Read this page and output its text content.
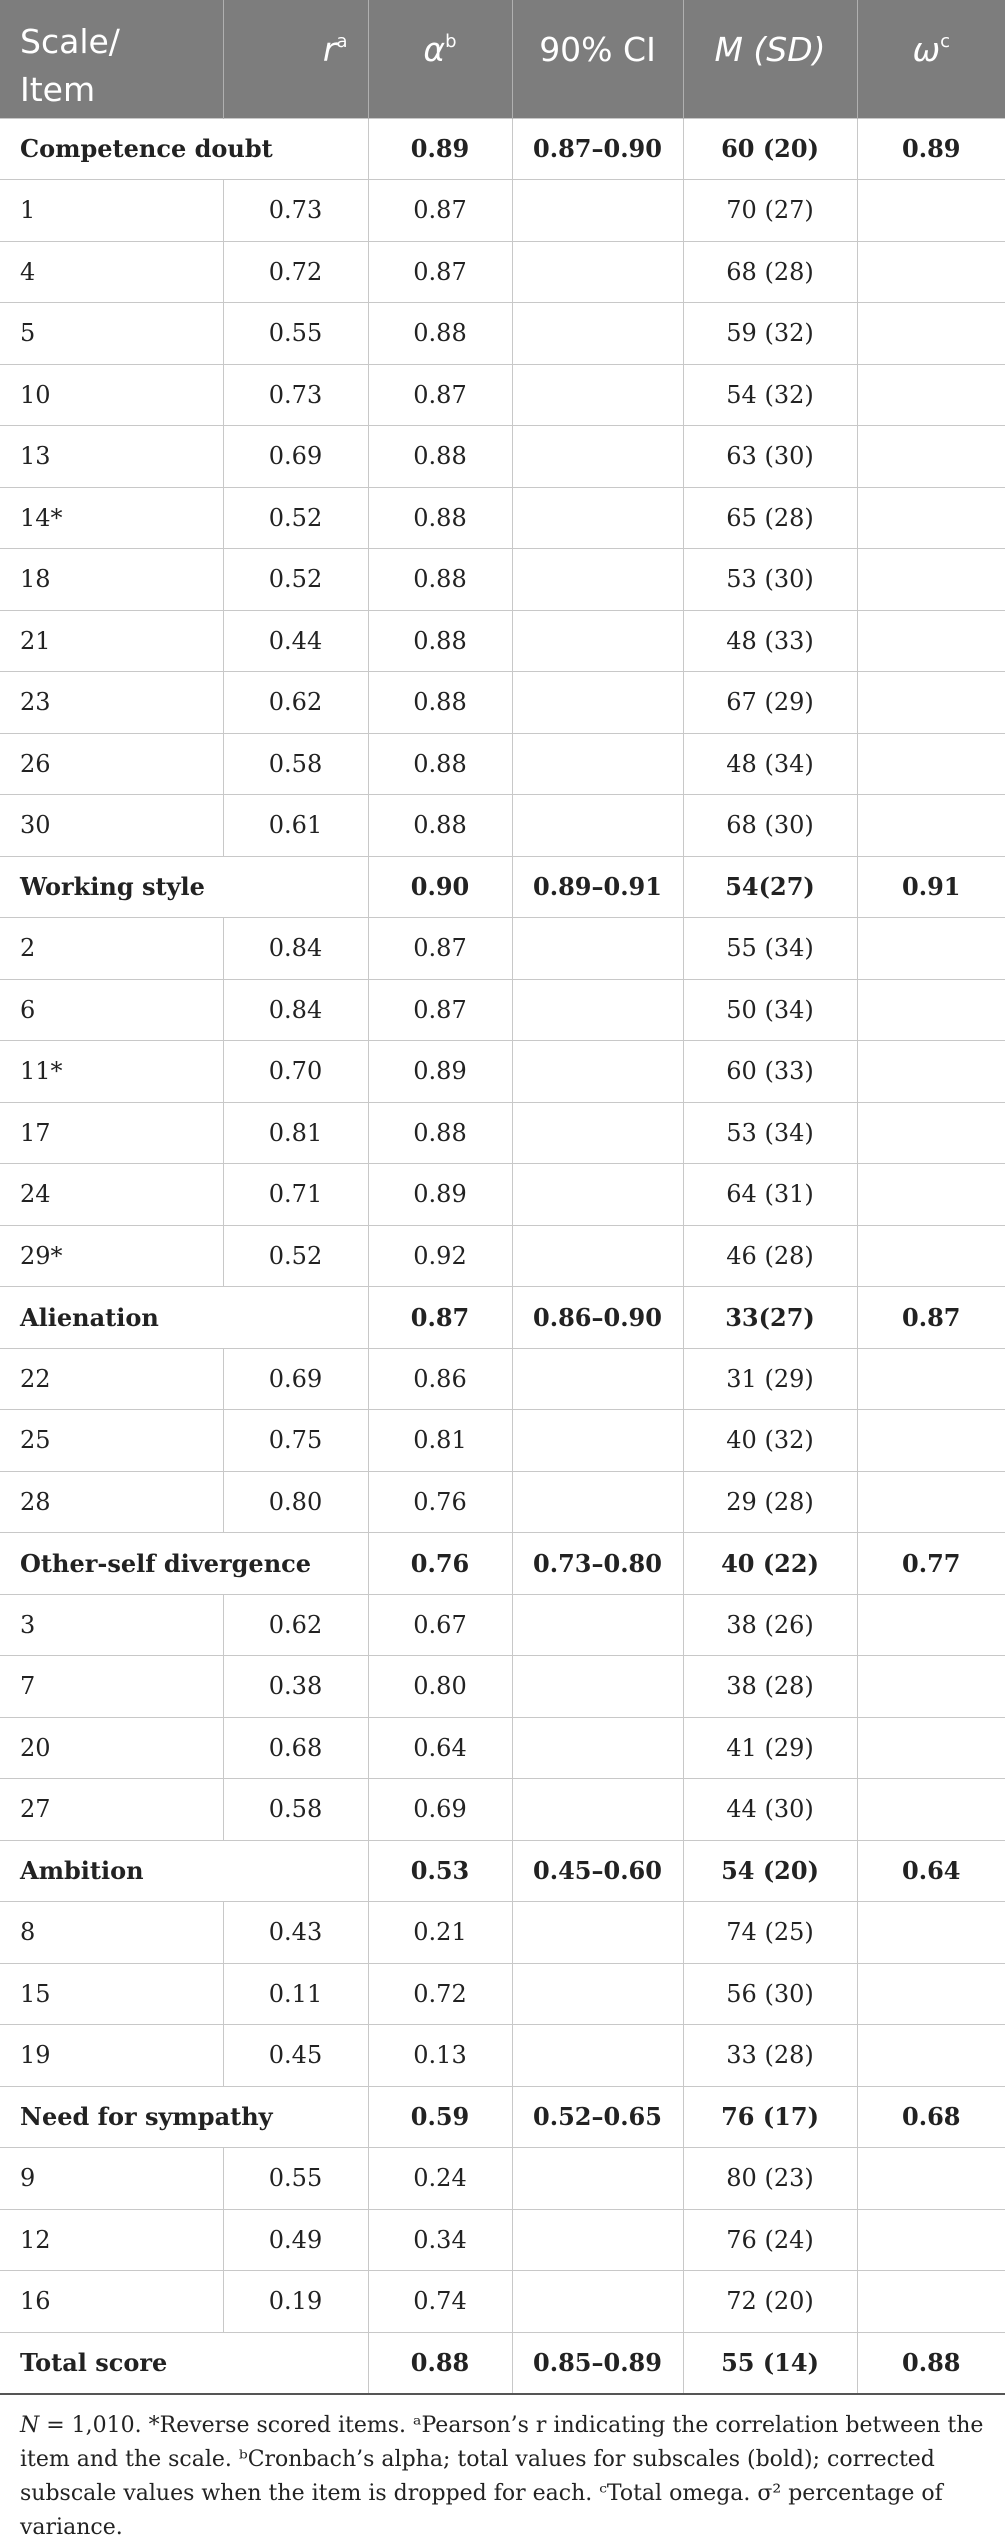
Scale/ Item	$r^a$	$\alpha^b$	90% CI	M (SD)	$\omega^c$
Competence doubt		0.89	0.87–0.90	60 (20)	0.89
1	0.73	0.87		70 (27)	
4	0.72	0.87		68 (28)	
5	0.55	0.88		59 (32)	
10	0.73	0.87		54 (32)	
13	0.69	0.88		63 (30)	
14*	0.52	0.88		65 (28)	
18	0.52	0.88		53 (30)	
21	0.44	0.88		48 (33)	
23	0.62	0.88		67 (29)	
26	0.58	0.88		48 (34)	
30	0.61	0.88		68 (30)	
Working style		0.90	0.89–0.91	54(27)	0.91
2	0.84	0.87		55 (34)	
6	0.84	0.87		50 (34)	
11*	0.70	0.89		60 (33)	
17	0.81	0.88		53 (34)	
24	0.71	0.89		64 (31)	
29*	0.52	0.92		46 (28)	
Alienation		0.87	0.86–0.90	33(27)	0.87
22	0.69	0.86		31 (29)	
25	0.75	0.81		40 (32)	
28	0.80	0.76		29 (28)	
Other-self divergence		0.76	0.73–0.80	40 (22)	0.77
3	0.62	0.67		38 (26)	
7	0.38	0.80		38 (28)	
20	0.68	0.64		41 (29)	
27	0.58	0.69		44 (30)	
Ambition		0.53	0.45–0.60	54 (20)	0.64
8	0.43	0.21		74 (25)	
15	0.11	0.72		56 (30)	
19	0.45	0.13		33 (28)	
Need for sympathy		0.59	0.52–0.65	76 (17)	0.68
9	0.55	0.24		80 (23)	
12	0.49	0.34		76 (24)	
16	0.19	0.74		72 (20)	
Total score		0.88	0.85–0.89	55 (14)	0.88
N = 1,010. *Reverse scored items. ᵃPearson’s r indicating the correlation between the item and the scale. ᵇCronbach’s alpha; total values for subscales (bold); corrected subscale values when the item is dropped for each. ᶜTotal omega. σ² percentage of variance.
